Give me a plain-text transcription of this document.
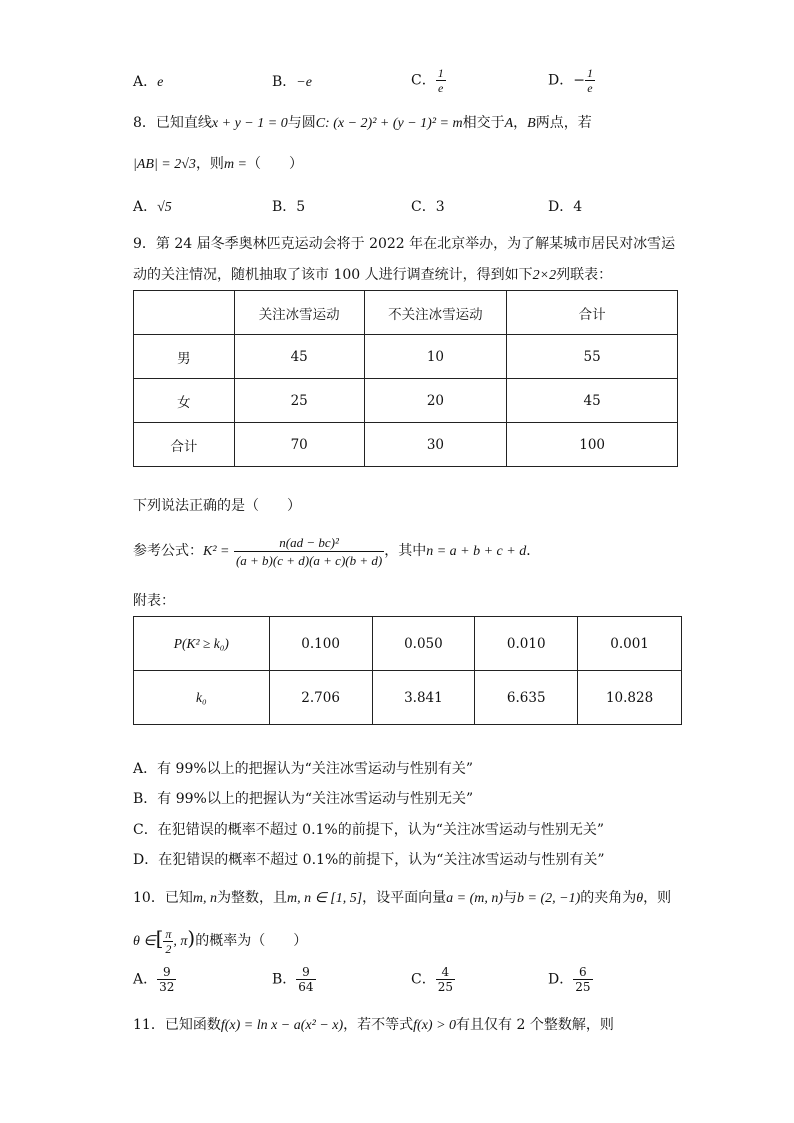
A．e	B．−e	C． $\frac{1}{e}$	D．− $\frac{1}{e}$
8．已知直线x + y − 1 = 0与圆C: (x − 2)² + (y − 1)² = m相交于A，B两点，若
|AB| = 2√3，则m =（　　）
A．√5	B．5	C．3	D．4
9．第 24 届冬季奥林匹克运动会将于 2022 年在北京举办，为了解某城市居民对冰雪运
动的关注情况，随机抽取了该市 100 人进行调查统计，得到如下2×2列联表：
	关注冰雪运动	不关注冰雪运动	合计
男	45	10	55
女	25	20	45
合计	70	30	100
下列说法正确的是（　　）
参考公式：$K^2 = \frac{\text{n(ad − bc)²}}{(a + b)(c + d)(a + c)(b + d)}$ ，其中n = a + b + c + d．
附表：
P(K² ≥ k₀)	0.100	0.050	0.010	0.001
k₀	2.706	3.841	6.635	10.828
A．有 99%以上的把握认为“关注冰雪运动与性别有关”
B．有 99%以上的把握认为“关注冰雪运动与性别无关”
C．在犯错误的概率不超过 0.1%的前提下，认为“关注冰雪运动与性别无关”
D．在犯错误的概率不超过 0.1%的前提下，认为“关注冰雪运动与性别有关”
10．已知m, n为整数，且m, n ∈ [1, 5]，设平面向量a = (m, n)与b = (2, −1)的夹角为θ，则
θ ∈[ $\frac{\pi}{2}$ , π)的概率为（　　）
A． $\frac{9}{32}$	B． $\frac{9}{64}$	C． $\frac{4}{25}$	D． $\frac{6}{25}$
11．已知函数f(x) = ln x − a(x² − x)，若不等式f(x) > 0有且仅有 2 个整数解，则
